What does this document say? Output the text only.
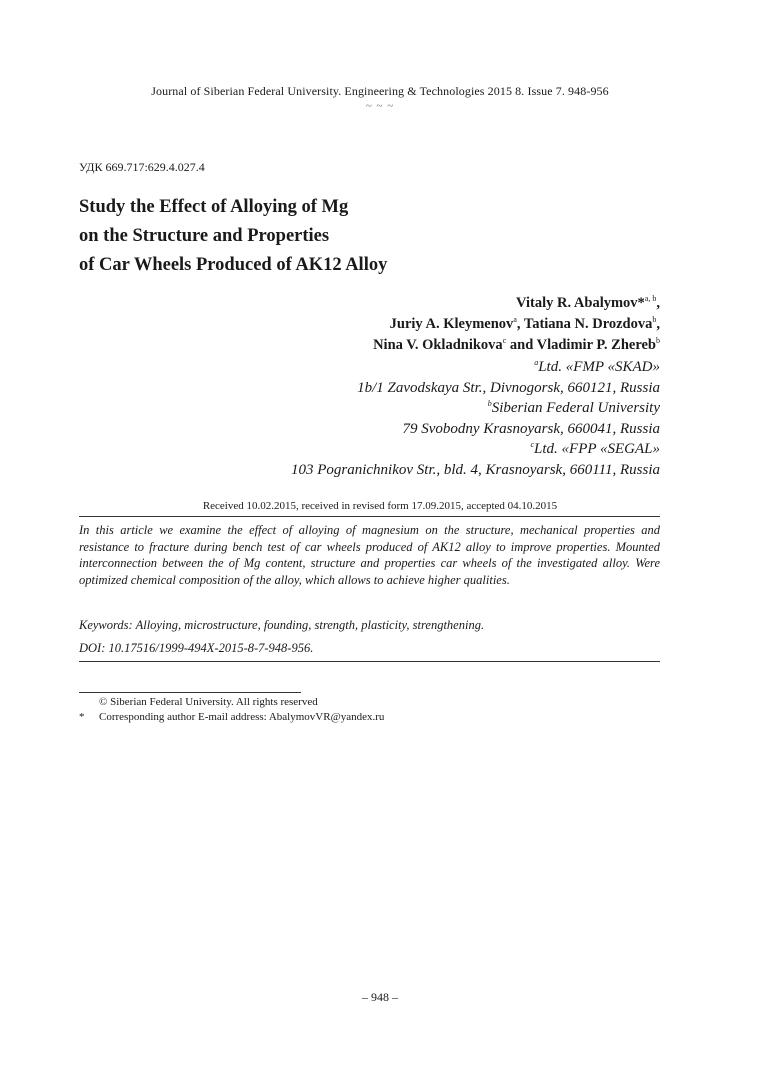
Journal of Siberian Federal University. Engineering & Technologies 2015 8. Issue 7. 948-956
~ ~ ~
УДК 669.717:629.4.027.4
Study the Effect of Alloying of Mg
on the Structure and Properties
of Car Wheels Produced of AK12 Alloy
Vitaly R. Abalymov*$^{a, b}$,
Juriy A. Kleymenov$^a$, Tatiana N. Drozdova$^b$,
Nina V. Okladnikova$^c$ and Vladimir P. Zhereb$^b$
$^a$Ltd. «FMP «SKAD»
1b/1 Zavodskaya Str., Divnogorsk, 660121, Russia
$^b$Siberian Federal University
79 Svobodny Krasnoyarsk, 660041, Russia
$^c$Ltd. «FPP «SEGAL»
103 Pogranichnikov Str., bld. 4, Krasnoyarsk, 660111, Russia
Received 10.02.2015, received in revised form 17.09.2015, accepted 04.10.2015
In this article we examine the effect of alloying of magnesium on the structure, mechanical properties and resistance to fracture during bench test of car wheels produced of AK12 alloy to improve properties. Mounted interconnection between the of Mg content, structure and properties car wheels of the investigated alloy. Were optimized chemical composition of the alloy, which allows to achieve higher qualities.
Keywords: Alloying, microstructure, founding, strength, plasticity, strengthening.
DOI: 10.17516/1999-494X-2015-8-7-948-956.
© Siberian Federal University. All rights reserved
* Corresponding author E-mail address: AbalymovVR@yandex.ru
– 948 –
